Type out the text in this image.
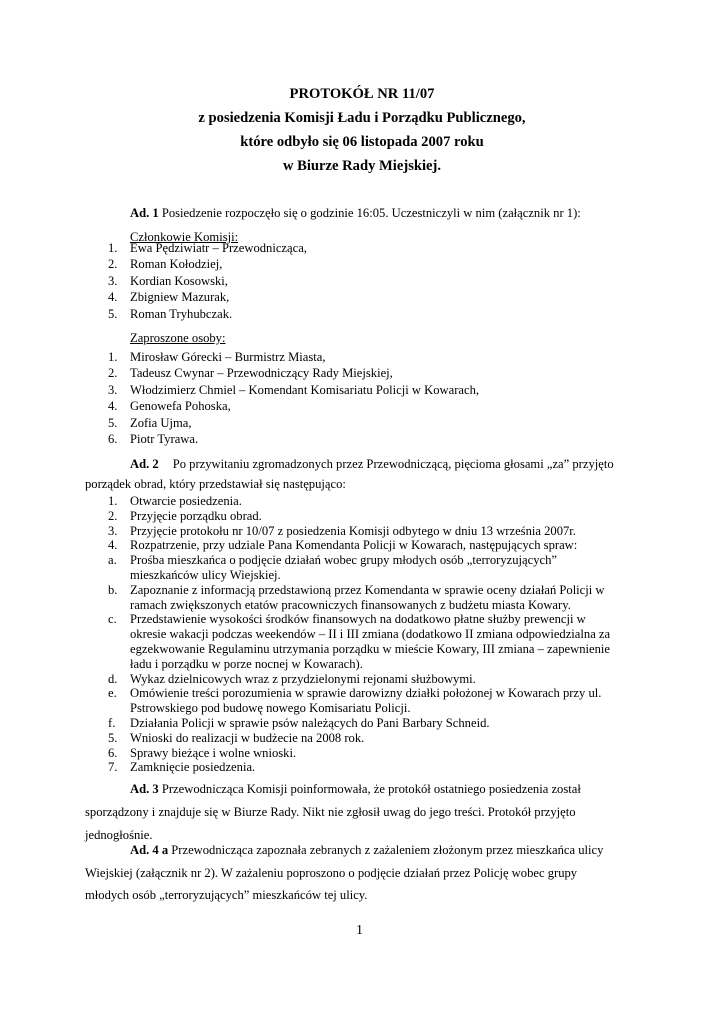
PROTOKÓŁ NR 11/07
z posiedzenia Komisji Ładu i Porządku Publicznego,
które odbyło się 06 listopada 2007 roku
w Biurze Rady Miejskiej.
Ad. 1 Posiedzenie rozpoczęło się o godzinie 16:05. Uczestniczyli w nim (załącznik nr 1):
Członkowie Komisji:
1. Ewa Pędziwiatr – Przewodnicząca,
2. Roman Kołodziej,
3. Kordian Kosowski,
4. Zbigniew Mazurak,
5. Roman Tryhubczak.
Zaproszone osoby:
1. Mirosław Górecki – Burmistrz Miasta,
2. Tadeusz Cwynar – Przewodniczący Rady Miejskiej,
3. Włodzimierz Chmiel – Komendant Komisariatu Policji w Kowarach,
4. Genowefa Pohoska,
5. Zofia Ujma,
6. Piotr Tyrawa.
Ad. 2 Po przywitaniu zgromadzonych przez Przewodniczącą, pięcioma głosami „za” przyjęto
porządek obrad, który przedstawiał się następująco:
1. Otwarcie posiedzenia.
2. Przyjęcie porządku obrad.
3. Przyjęcie protokołu nr 10/07 z posiedzenia Komisji odbytego w dniu 13 września 2007r.
4. Rozpatrzenie, przy udziale Pana Komendanta Policji w Kowarach, następujących spraw:
a. Prośba mieszkańca o podjęcie działań wobec grupy młodych osób „terroryzujących”
mieszkańców ulicy Wiejskiej.
b. Zapoznanie z informacją przedstawioną przez Komendanta w sprawie oceny działań Policji w
ramach zwiększonych etatów pracowniczych finansowanych z budżetu miasta Kowary.
c. Przedstawienie wysokości środków finansowych na dodatkowo płatne służby prewencji w
okresie wakacji podczas weekendów – II i III zmiana (dodatkowo II zmiana odpowiedzialna za
egzekwowanie Regulaminu utrzymania porządku w mieście Kowary, III zmiana – zapewnienie
ładu i porządku w porze nocnej w Kowarach).
d. Wykaz dzielnicowych wraz z przydzielonymi rejonami służbowymi.
e. Omówienie treści porozumienia w sprawie darowizny działki położonej w Kowarach przy ul.
Pstrowskiego pod budowę nowego Komisariatu Policji.
f. Działania Policji w sprawie psów należących do Pani Barbary Schneid.
5. Wnioski do realizacji w budżecie na 2008 rok.
6. Sprawy bieżące i wolne wnioski.
7. Zamknięcie posiedzenia.
Ad. 3 Przewodnicząca Komisji poinformowała, że protokół ostatniego posiedzenia został
sporządzony i znajduje się w Biurze Rady. Nikt nie zgłosił uwag do jego treści. Protokół przyjęto
jednogłośnie.
Ad. 4 a Przewodnicząca zapoznała zebranych z zażaleniem złożonym przez mieszkańca ulicy
Wiejskiej (załącznik nr 2). W zażaleniu poproszono o podjęcie działań przez Policję wobec grupy
młodych osób „terroryzujących” mieszkańców tej ulicy.
1
